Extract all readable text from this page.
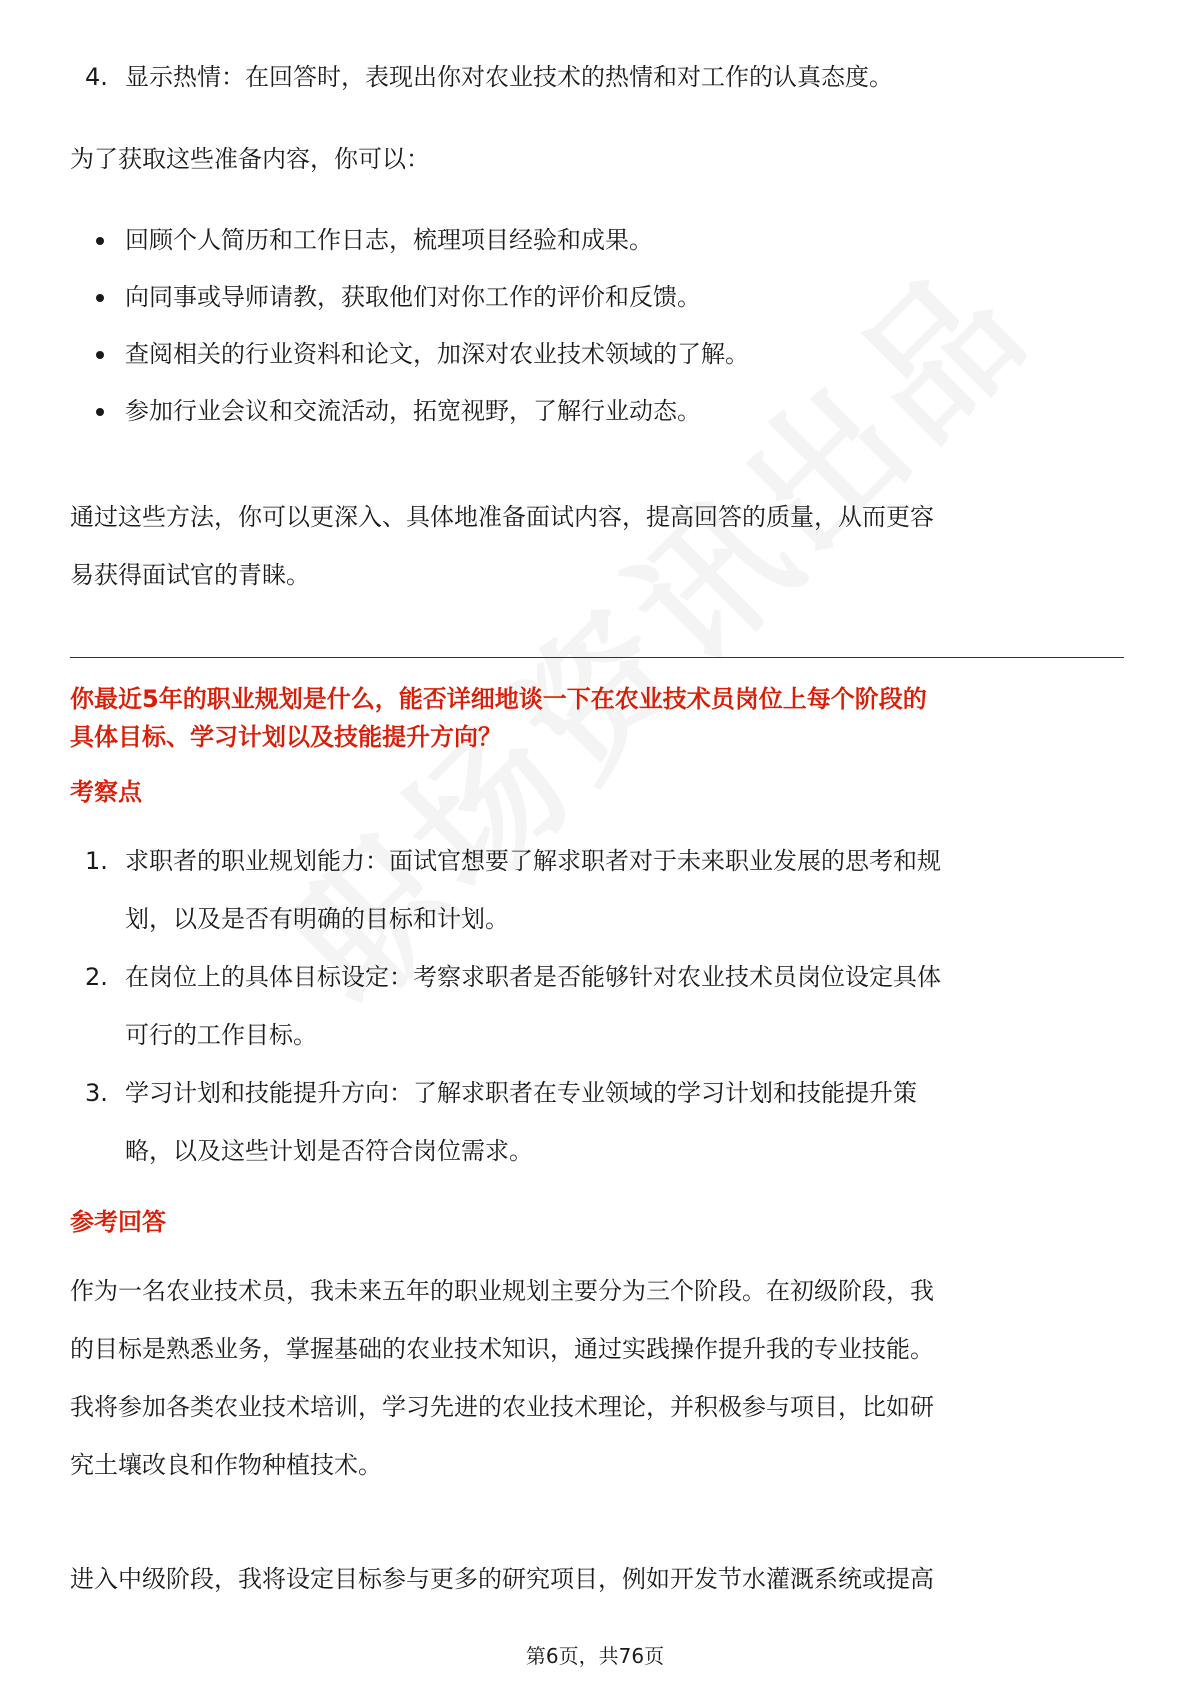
4. 显示热情：在回答时，表现出你对农业技术的热情和对工作的认真态度。

为了获取这些准备内容，你可以：

回顾个人简历和工作日志，梳理项目经验和成果。
向同事或导师请教，获取他们对你工作的评价和反馈。
查阅相关的行业资料和论文，加深对农业技术领域的了解。
参加行业会议和交流活动，拓宽视野，了解行业动态。
通过这些方法，你可以更深入、具体地准备面试内容，提高回答的质量，从而更容
易获得面试官的青睐。
你最近5年的职业规划是什么，能否详细地谈一下在农业技术员岗位上每个阶段的
具体目标、学习计划以及技能提升方向？

考察点

1. 求职者的职业规划能力：面试官想要了解求职者对于未来职业发展的思考和规
划，以及是否有明确的目标和计划。
2. 在岗位上的具体目标设定：考察求职者是否能够针对农业技术员岗位设定具体
可行的工作目标。
3. 学习计划和技能提升方向：了解求职者在专业领域的学习计划和技能提升策
略，以及这些计划是否符合岗位需求。

参考回答

作为一名农业技术员，我未来五年的职业规划主要分为三个阶段。在初级阶段，我
的目标是熟悉业务，掌握基础的农业技术知识，通过实践操作提升我的专业技能。
我将参加各类农业技术培训，学习先进的农业技术理论，并积极参与项目，比如研
究土壤改良和作物种植技术。
进入中级阶段，我将设定目标参与更多的研究项目，例如开发节水灌溉系统或提高
第6页，共76页
